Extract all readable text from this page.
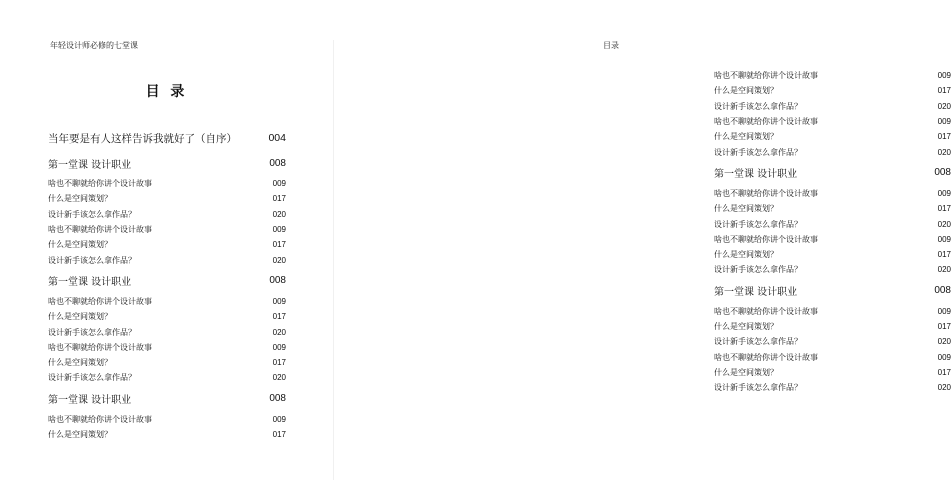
年轻设计师必修的七堂课
目 录
当年要是有人这样告诉我就好了（自序）	004
第一堂课 设计职业	008
啥也不聊就给你讲个设计故事	009
什么是空间策划？	017
设计新手该怎么拿作品？	020
啥也不聊就给你讲个设计故事	009
什么是空间策划？	017
设计新手该怎么拿作品？	020
第一堂课 设计职业	008
啥也不聊就给你讲个设计故事	009
什么是空间策划？	017
设计新手该怎么拿作品？	020
啥也不聊就给你讲个设计故事	009
什么是空间策划？	017
设计新手该怎么拿作品？	020
第一堂课 设计职业	008
啥也不聊就给你讲个设计故事	009
什么是空间策划？	017
目录
啥也不聊就给你讲个设计故事	009
什么是空间策划？	017
设计新手该怎么拿作品？	020
啥也不聊就给你讲个设计故事	009
什么是空间策划？	017
设计新手该怎么拿作品？	020
第一堂课 设计职业	008
啥也不聊就给你讲个设计故事	009
什么是空间策划？	017
设计新手该怎么拿作品？	020
啥也不聊就给你讲个设计故事	009
什么是空间策划？	017
设计新手该怎么拿作品？	020
第一堂课 设计职业	008
啥也不聊就给你讲个设计故事	009
什么是空间策划？	017
设计新手该怎么拿作品？	020
啥也不聊就给你讲个设计故事	009
什么是空间策划？	017
设计新手该怎么拿作品？	020
